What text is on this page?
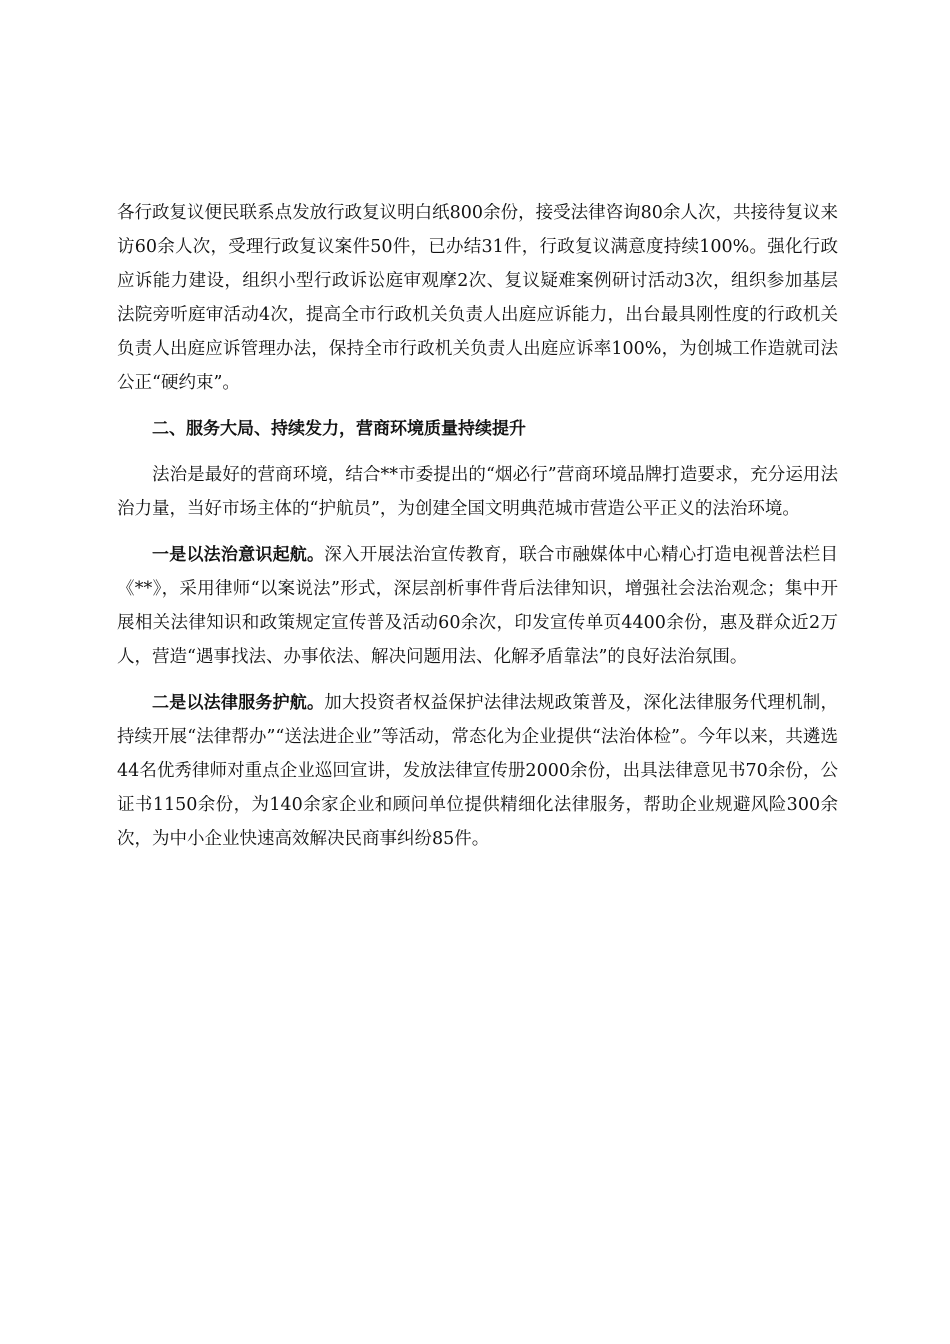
各行政复议便民联系点发放行政复议明白纸800余份，接受法律咨询80余人次，共接待复议来访60余人次，受理行政复议案件50件，已办结31件，行政复议满意度持续100%。强化行政应诉能力建设，组织小型行政诉讼庭审观摩2次、复议疑难案例研讨活动3次，组织参加基层法院旁听庭审活动4次，提高全市行政机关负责人出庭应诉能力，出台最具刚性度的行政机关负责人出庭应诉管理办法，保持全市行政机关负责人出庭应诉率100%，为创城工作造就司法公正“硬约束”。

二、服务大局、持续发力，营商环境质量持续提升

法治是最好的营商环境，结合**市委提出的“烟必行”营商环境品牌打造要求，充分运用法治力量，当好市场主体的“护航员”，为创建全国文明典范城市营造公平正义的法治环境。

一是以法治意识起航。深入开展法治宣传教育，联合市融媒体中心精心打造电视普法栏目《**》，采用律师“以案说法”形式，深层剖析事件背后法律知识，增强社会法治观念；集中开展相关法律知识和政策规定宣传普及活动60余次，印发宣传单页4400余份，惠及群众近2万人，营造“遇事找法、办事依法、解决问题用法、化解矛盾靠法”的良好法治氛围。

二是以法律服务护航。加大投资者权益保护法律法规政策普及，深化法律服务代理机制，持续开展“法律帮办”“送法进企业”等活动，常态化为企业提供“法治体检”。今年以来，共遴选44名优秀律师对重点企业巡回宣讲，发放法律宣传册2000余份，出具法律意见书70余份，公证书1150余份，为140余家企业和顾问单位提供精细化法律服务，帮助企业规避风险300余次，为中小企业快速高效解决民商事纠纷85件。
